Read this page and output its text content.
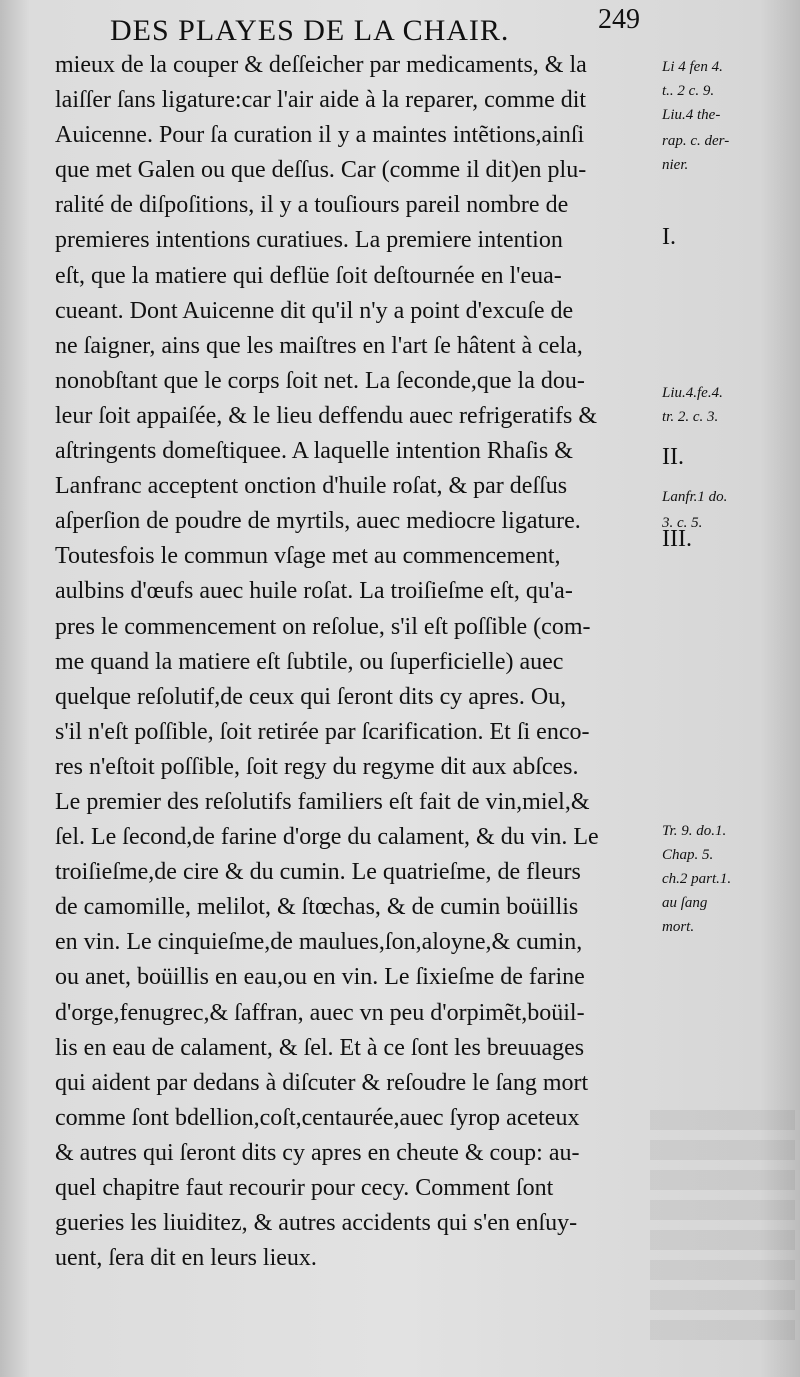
DES PLAYES DE LA CHAIR.	249
mieux de la couper & deſſeicher par medicaments, & la
laiſſer ſans ligature:car l'air aide à la reparer, comme dit
Auicenne. Pour ſa curation il y a maintes intẽtions,ainſi
que met Galen ou que deſſus. Car (comme il dit)en plu-
ralité de diſpoſitions, il y a touſiours pareil nombre de
premieres intentions curatiues. La premiere intention
eſt, que la matiere qui deflüe ſoit deſtournée en l'eua-
cueant. Dont Auicenne dit qu'il n'y a point d'excuſe de
ne ſaigner, ains que les maiſtres en l'art ſe hâtent à cela,
nonobſtant que le corps ſoit net. La ſeconde,que la dou-
leur ſoit appaiſée, & le lieu deffendu auec refrigeratifs &
aſtringents domeſtiquee. A laquelle intention Rhaſis &
Lanfranc acceptent onction d'huile roſat, & par deſſus
aſperſion de poudre de myrtils, auec mediocre ligature.
Toutesfois le commun vſage met au commencement,
aulbins d'œufs auec huile roſat. La troiſieſme eſt, qu'a-
pres le commencement on reſolue, s'il eſt poſſible (com-
me quand la matiere eſt ſubtile, ou ſuperficielle) auec
quelque reſolutif,de ceux qui ſeront dits cy apres. Ou,
s'il n'eſt poſſible, ſoit retirée par ſcarification. Et ſi enco-
res n'eſtoit poſſible, ſoit regy du regyme dit aux abſces.
Le premier des reſolutifs familiers eſt fait de vin,miel,&
ſel. Le ſecond,de farine d'orge du calament, & du vin. Le
troiſieſme,de cire & du cumin. Le quatrieſme, de fleurs
de camomille, melilot, & ſtœchas, & de cumin boüillis
en vin. Le cinquieſme,de maulues,ſon,aloyne,& cumin,
ou anet, boüillis en eau,ou en vin. Le ſixieſme de farine
d'orge,fenugrec,& ſaffran, auec vn peu d'orpimẽt,boüil-
lis en eau de calament, & ſel. Et à ce ſont les breuuages
qui aident par dedans à diſcuter & reſoudre le ſang mort
comme ſont bdellion,coſt,centaurée,auec ſyrop aceteux
& autres qui ſeront dits cy apres en cheute & coup: au-
quel chapitre faut recourir pour cecy. Comment ſont
gueries les liuiditez, & autres accidents qui s'en enſuy-
uent, ſera dit en leurs lieux.
Li 4 fen 4.
t.. 2 c. 9.
Liu.4 the-
rap. c. der-
nier.
I.
Liu.4.fe.4.
tr. 2. c. 3.
II.
Lanfr.1 do.
3. c. 5.
III.
Tr. 9. do.1.
Chap. 5.
ch.2 part.1.
au ſang
mort.
